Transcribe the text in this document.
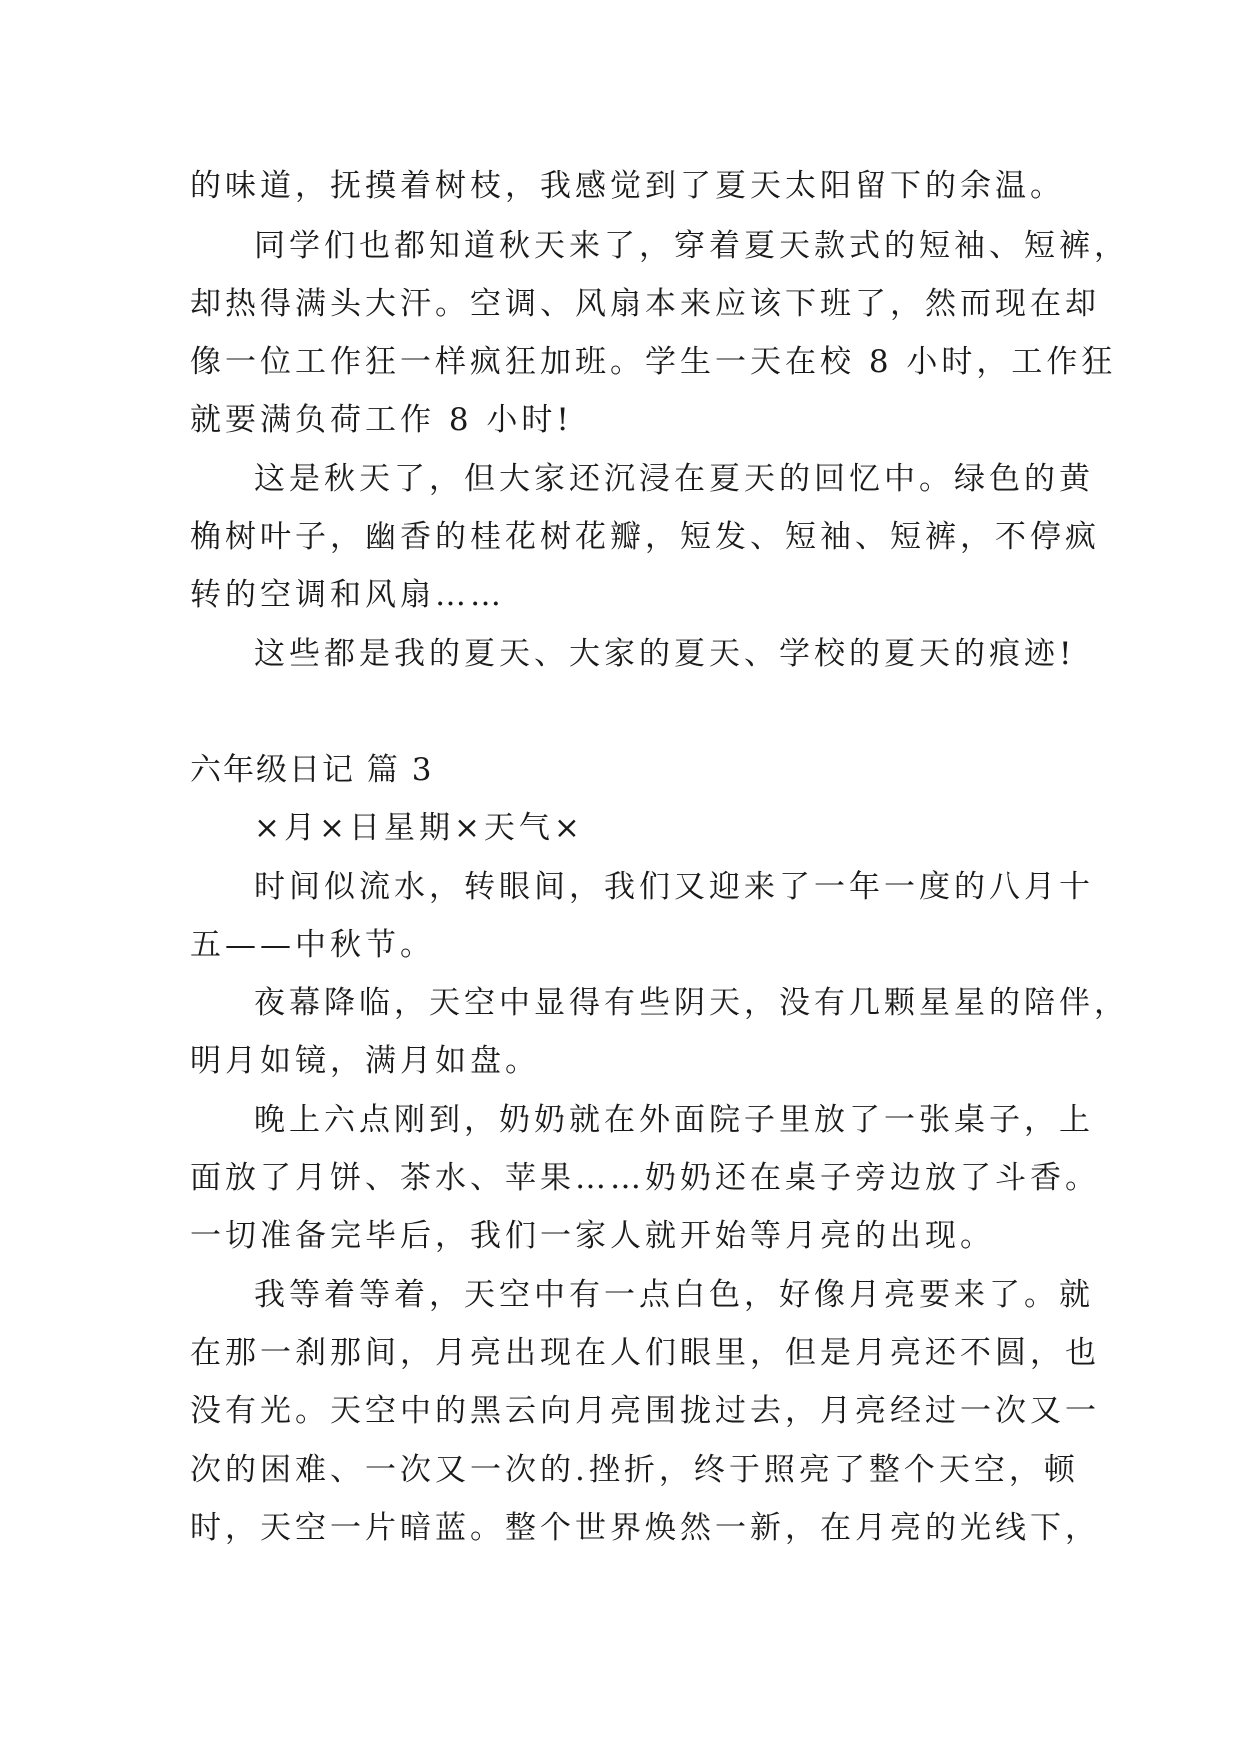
的味道，抚摸着树枝，我感觉到了夏天太阳留下的余温。
同学们也都知道秋天来了，穿着夏天款式的短袖、短裤，
却热得满头大汗。空调、风扇本来应该下班了，然而现在却
像一位工作狂一样疯狂加班。学生一天在校 8 小时，工作狂
就要满负荷工作 8 小时!
这是秋天了，但大家还沉浸在夏天的回忆中。绿色的黄
桷树叶子，幽香的桂花树花瓣，短发、短袖、短裤，不停疯
转的空调和风扇……
这些都是我的夏天、大家的夏天、学校的夏天的痕迹!
六年级日记 篇 3
×月×日星期×天气×
时间似流水，转眼间，我们又迎来了一年一度的八月十
五——中秋节。
夜幕降临，天空中显得有些阴天，没有几颗星星的陪伴，
明月如镜，满月如盘。
晚上六点刚到，奶奶就在外面院子里放了一张桌子，上
面放了月饼、茶水、苹果……奶奶还在桌子旁边放了斗香。
一切准备完毕后，我们一家人就开始等月亮的出现。
我等着等着，天空中有一点白色，好像月亮要来了。就
在那一刹那间，月亮出现在人们眼里，但是月亮还不圆，也
没有光。天空中的黑云向月亮围拢过去，月亮经过一次又一
次的困难、一次又一次的.挫折，终于照亮了整个天空，顿
时，天空一片暗蓝。整个世界焕然一新，在月亮的光线下，
